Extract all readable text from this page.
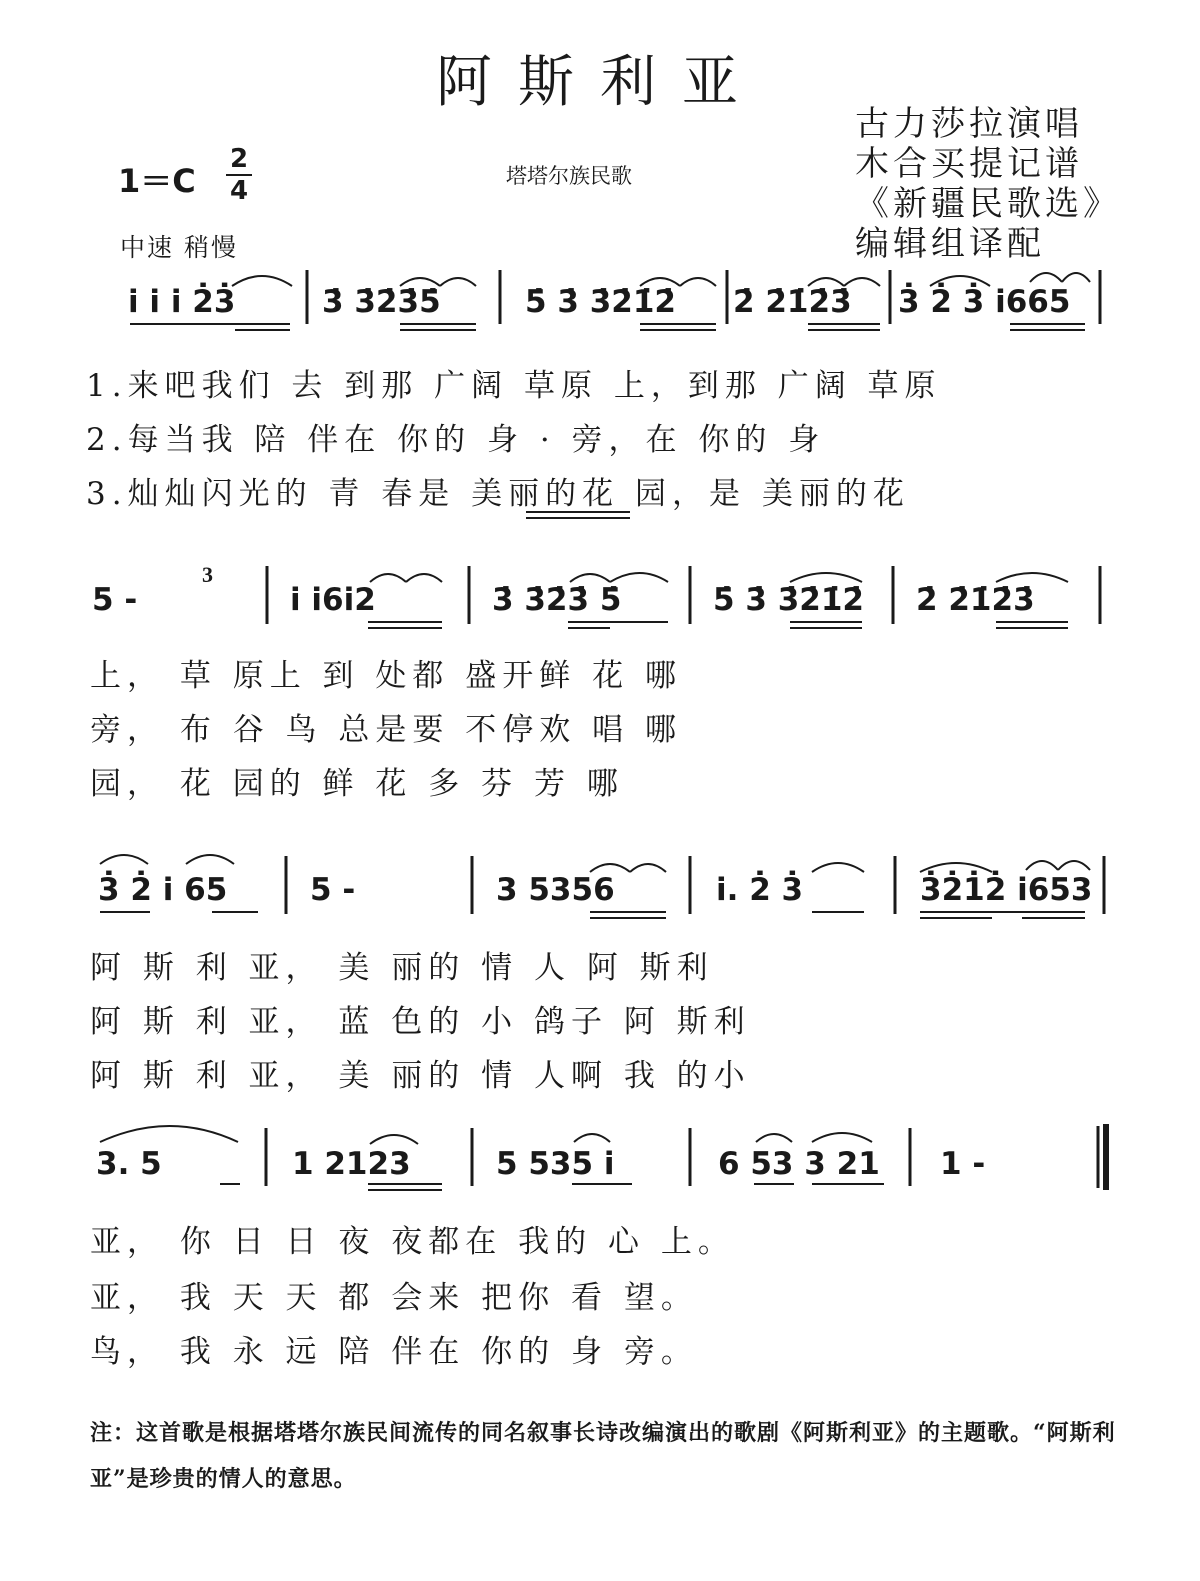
阿斯利亚
古力莎拉演唱
木合买提记谱
《新疆民歌选》
编辑组译配
1＝C
2
4	塔塔尔族民歌
中速 稍慢
i i i 2̇3̇	3̇ 3̇2̇3̇5̇	5̇ 3̇ 3̇2̇1̇2̇ 2̇ 2̇1̇2̇3̇ 3̇ 2̇ 3̇ i665
1.来吧我们 去 到那 广阔 草原 上，到那 广阔 草原
2.每当我 陪 伴在 你的 身 · 旁，在 你的 身
3.灿灿闪光的 青 春是 美丽的花 园，是 美丽的花
5 -
3
i i6i2	3̇ 3̇2̇3̇ 5̇	5̇ 3̇ 3̇2̇1̇2̇ 2̇ 2̇1̇2̇3̇
上， 草 原上 到 处都 盛开鲜 花 哪
旁， 布 谷 鸟 总是要 不停欢 唱 哪
园， 花 园的 鲜 花 多 芬 芳 哪
3̇ 2̇ i 65	5 -	3 5356	i. 2̇ 3̇	3̇2̇1̇2̇ i653
阿 斯 利 亚， 美 丽的 情 人 阿 斯利
阿 斯 利 亚， 蓝 色的 小 鸽子 阿 斯利
阿 斯 利 亚， 美 丽的 情 人啊 我 的小
3. 5	1 2123	5 535 i	6 53 3 21 1 -
亚， 你 日 日 夜 夜都在 我的 心 上。
亚， 我 天 天 都 会来 把你 看 望。
鸟， 我 永 远 陪 伴在 你的 身 旁。
注：这首歌是根据塔塔尔族民间流传的同名叙事长诗改编演出的歌剧《阿斯利亚》的主题歌。“阿斯利亚”是珍贵的情人的意思。
